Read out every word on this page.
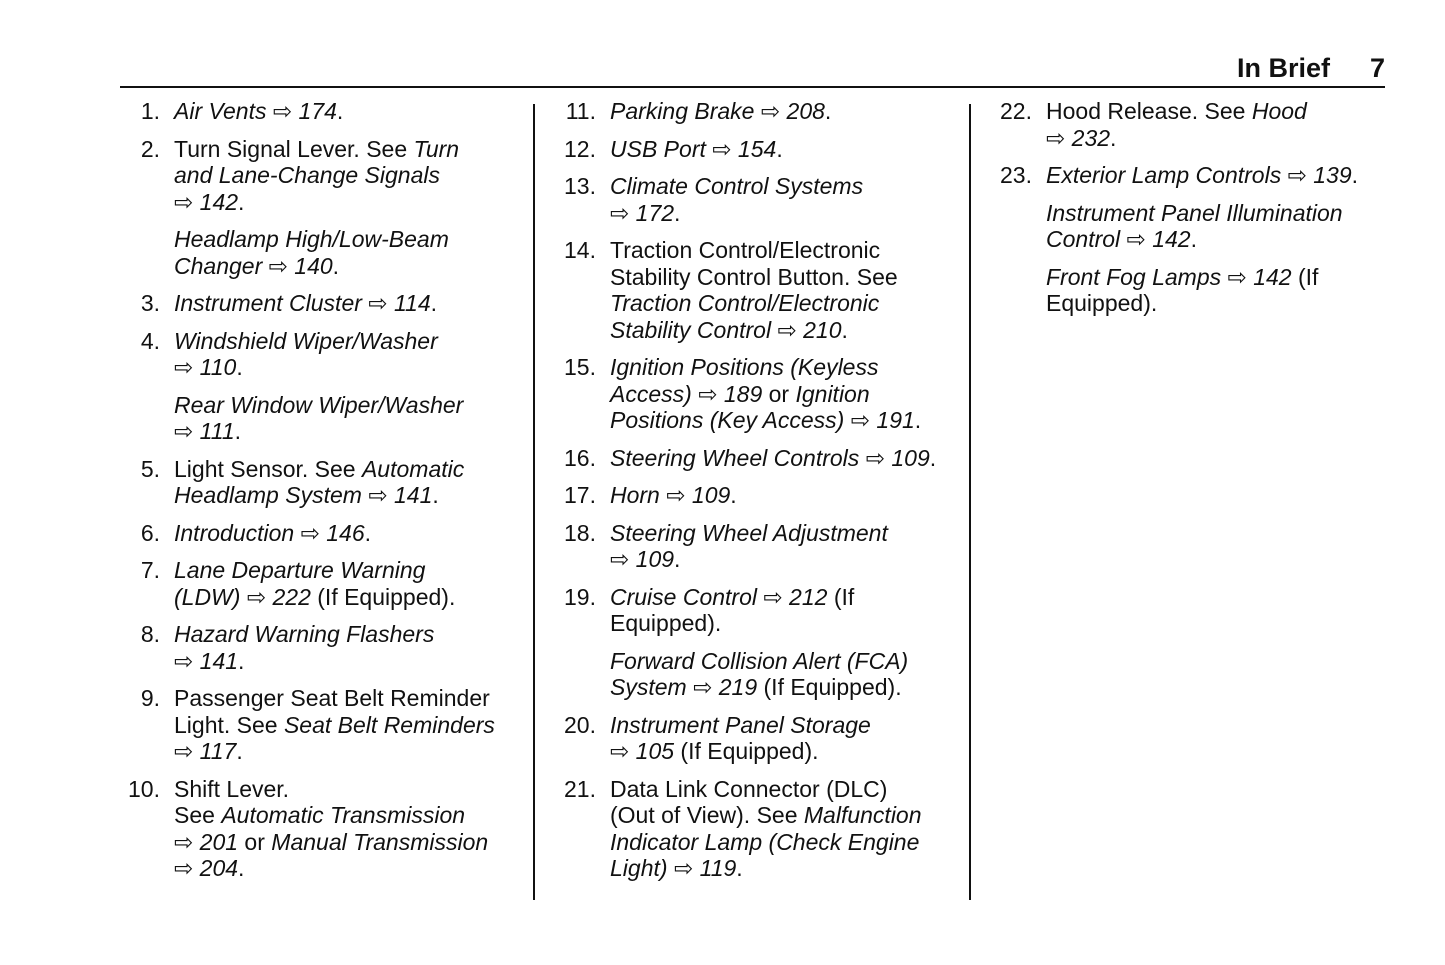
In Brief 7
1. Air Vents ⇨ 174.
2. Turn Signal Lever. See Turn
and Lane-Change Signals
⇨ 142.
Headlamp High/Low-Beam
Changer ⇨ 140.
3. Instrument Cluster ⇨ 114.
4. Windshield Wiper/Washer
⇨ 110.
Rear Window Wiper/Washer
⇨ 111.
5. Light Sensor. See Automatic
Headlamp System ⇨ 141.
6. Introduction ⇨ 146.
7. Lane Departure Warning
(LDW) ⇨ 222 (If Equipped).
8. Hazard Warning Flashers
⇨ 141.
9. Passenger Seat Belt Reminder
Light. See Seat Belt Reminders
⇨ 117.
10. Shift Lever.
See Automatic Transmission
⇨ 201 or Manual Transmission
⇨ 204.
11. Parking Brake ⇨ 208.
12. USB Port ⇨ 154.
13. Climate Control Systems
⇨ 172.
14. Traction Control/Electronic
Stability Control Button. See
Traction Control/Electronic
Stability Control ⇨ 210.
15. Ignition Positions (Keyless
Access) ⇨ 189 or Ignition
Positions (Key Access) ⇨ 191.
16. Steering Wheel Controls ⇨ 109.
17. Horn ⇨ 109.
18. Steering Wheel Adjustment
⇨ 109.
19. Cruise Control ⇨ 212 (If
Equipped).
Forward Collision Alert (FCA)
System ⇨ 219 (If Equipped).
20. Instrument Panel Storage
⇨ 105 (If Equipped).
21. Data Link Connector (DLC)
(Out of View). See Malfunction
Indicator Lamp (Check Engine
Light) ⇨ 119.
22. Hood Release. See Hood
⇨ 232.
23. Exterior Lamp Controls ⇨ 139.
Instrument Panel Illumination
Control ⇨ 142.
Front Fog Lamps ⇨ 142 (If
Equipped).
